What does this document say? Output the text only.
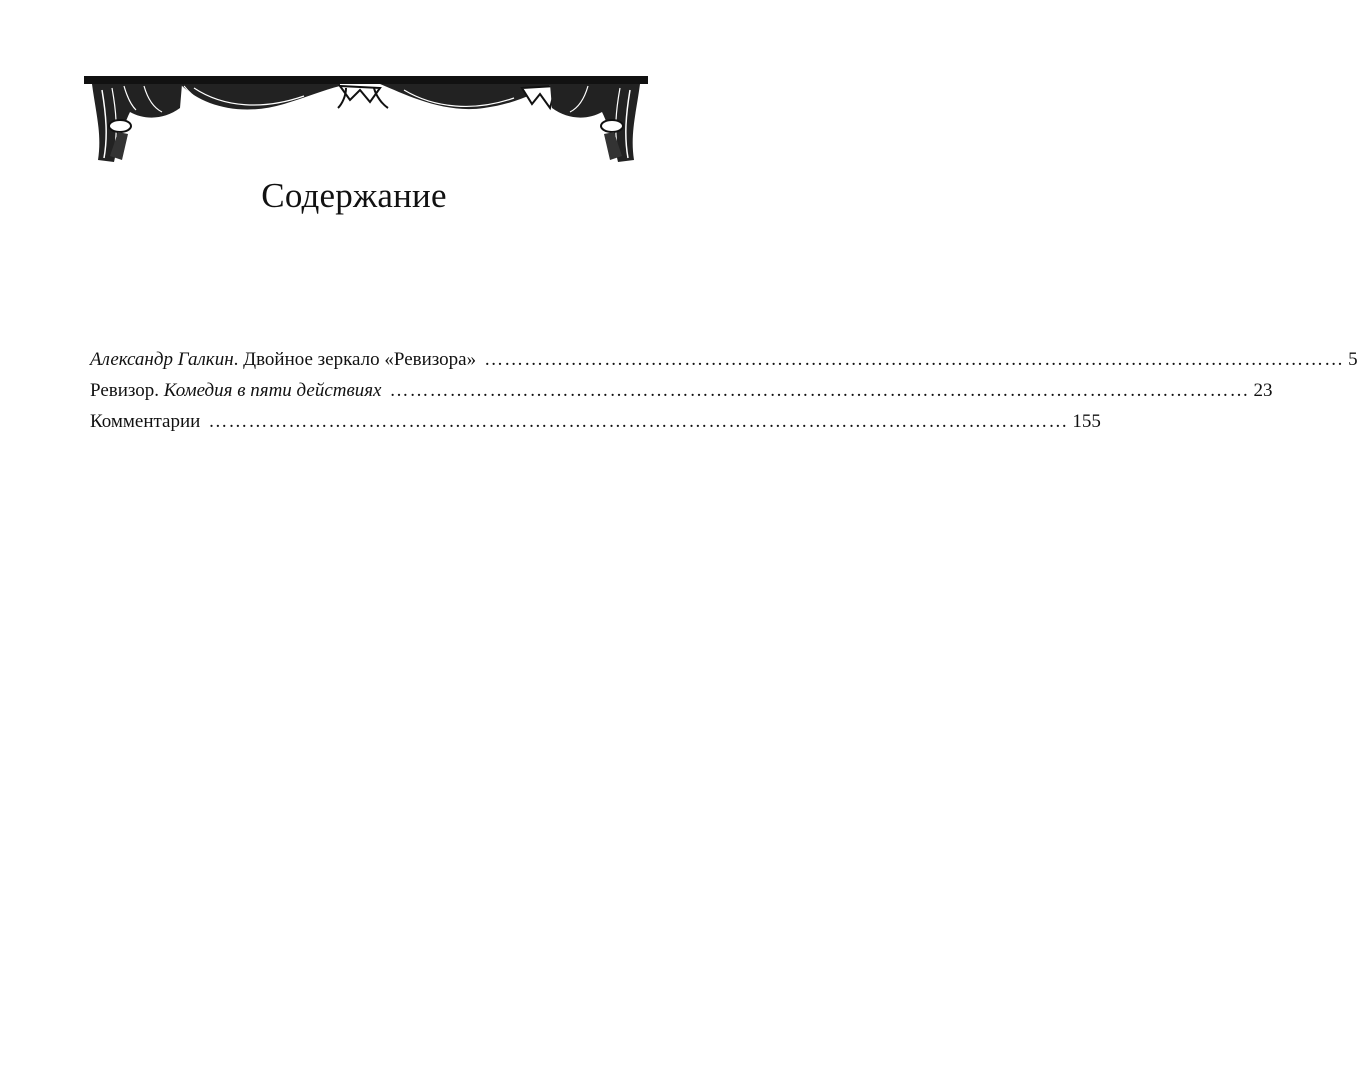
Содержание
Александр Галкин. Двойное зеркало «Ревизора» ………………………………………………………………………………………………………………… 5
Ревизор. Комедия в пяти действиях ………………………………………………………………………………………………………………… 23
Комментарии ………………………………………………………………………………………………………………… 155
